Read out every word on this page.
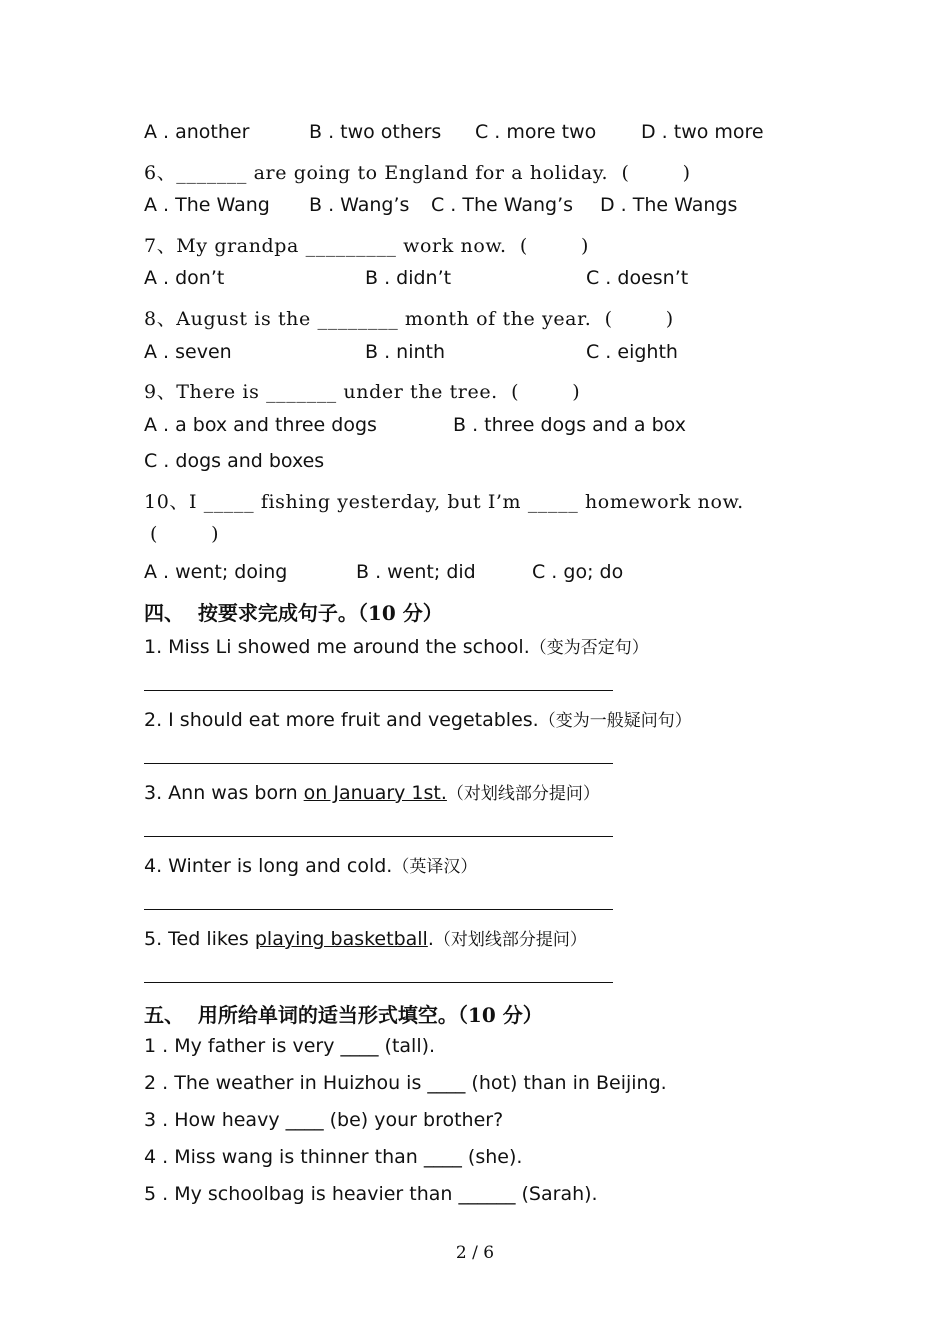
A . another	B . two others C . more two D . two more
6、_______ are going to England for a holiday.  (        )
A . The Wang B . Wang’s C . The Wang’s D . The Wangs
7、My grandpa _________ work now.  (        )
A . don’t	B . didn’t	C . doesn’t
8、August is the ________ month of the year.  (        )
A . seven	B . ninth	C . eighth
9、There is _______ under the tree.  (        )
A . a box and three dogs	B . three dogs and a box
C . dogs and boxes
10、I _____ fishing yesterday, but I’m _____ homework now.
(        )
A . went; doing	B . went; did	C . go; do
四、  按要求完成句子。（10 分）
1. Miss Li showed me around the school.（变为否定句）
2. I should eat more fruit and vegetables.（变为一般疑问句）
3. Ann was born on January 1st.（对划线部分提问）
4. Winter is long and cold.（英译汉）
5. Ted likes playing basketball.（对划线部分提问）
五、  用所给单词的适当形式填空。（10 分）
1 . My father is very ____ (tall).
2 . The weather in Huizhou is ____ (hot) than in Beijing.
3 . How heavy ____ (be) your brother?
4 . Miss wang is thinner than ____ (she).
5 . My schoolbag is heavier than ______ (Sarah).
2 / 6
